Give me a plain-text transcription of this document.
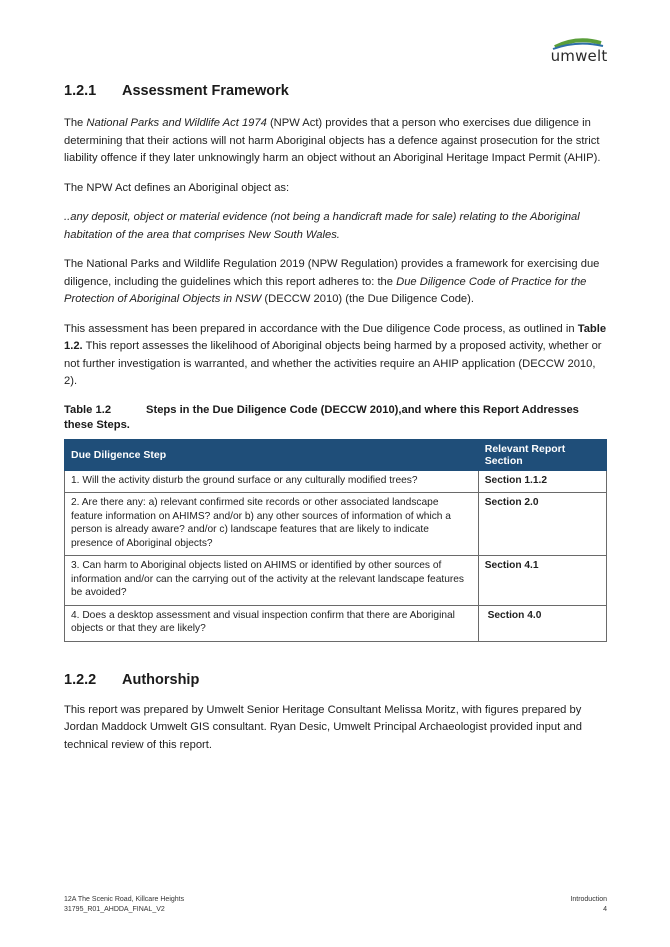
umwelt
1.2.1 Assessment Framework

The National Parks and Wildlife Act 1974 (NPW Act) provides that a person who exercises due diligence in determining that their actions will not harm Aboriginal objects has a defence against prosecution for the strict liability offence if they later unknowingly harm an object without an Aboriginal Heritage Impact Permit (AHIP).

The NPW Act defines an Aboriginal object as:

..any deposit, object or material evidence (not being a handicraft made for sale) relating to the Aboriginal habitation of the area that comprises New South Wales.

The National Parks and Wildlife Regulation 2019 (NPW Regulation) provides a framework for exercising due diligence, including the guidelines which this report adheres to: the Due Diligence Code of Practice for the Protection of Aboriginal Objects in NSW (DECCW 2010) (the Due Diligence Code).

This assessment has been prepared in accordance with the Due diligence Code process, as outlined in Table 1.2. This report assesses the likelihood of Aboriginal objects being harmed by a proposed activity, whether or not further investigation is warranted, and whether the activities require an AHIP application (DECCW 2010, 2).

Table 1.2	Steps in the Due Diligence Code (DECCW 2010),and where this Report Addresses these Steps.
Due Diligence Step	Relevant Report Section
1. Will the activity disturb the ground surface or any culturally modified trees?	Section 1.1.2
2. Are there any: a) relevant confirmed site records or other associated landscape feature information on AHIMS? and/or b) any other sources of information of which a person is already aware? and/or c) landscape features that are likely to indicate presence of Aboriginal objects?	Section 2.0
3. Can harm to Aboriginal objects listed on AHIMS or identified by other sources of information and/or can the carrying out of the activity at the relevant landscape features be avoided?	Section 4.1
4. Does a desktop assessment and visual inspection confirm that there are Aboriginal objects or that they are likely?	Section 4.0
1.2.2 Authorship

This report was prepared by Umwelt Senior Heritage Consultant Melissa Moritz, with figures prepared by Jordan Maddock Umwelt GIS consultant. Ryan Desic, Umwelt Principal Archaeologist provided input and technical review of this report.

12A The Scenic Road, Killcare Heights
31795_R01_AHDDA_FINAL_V2
Introduction
4
